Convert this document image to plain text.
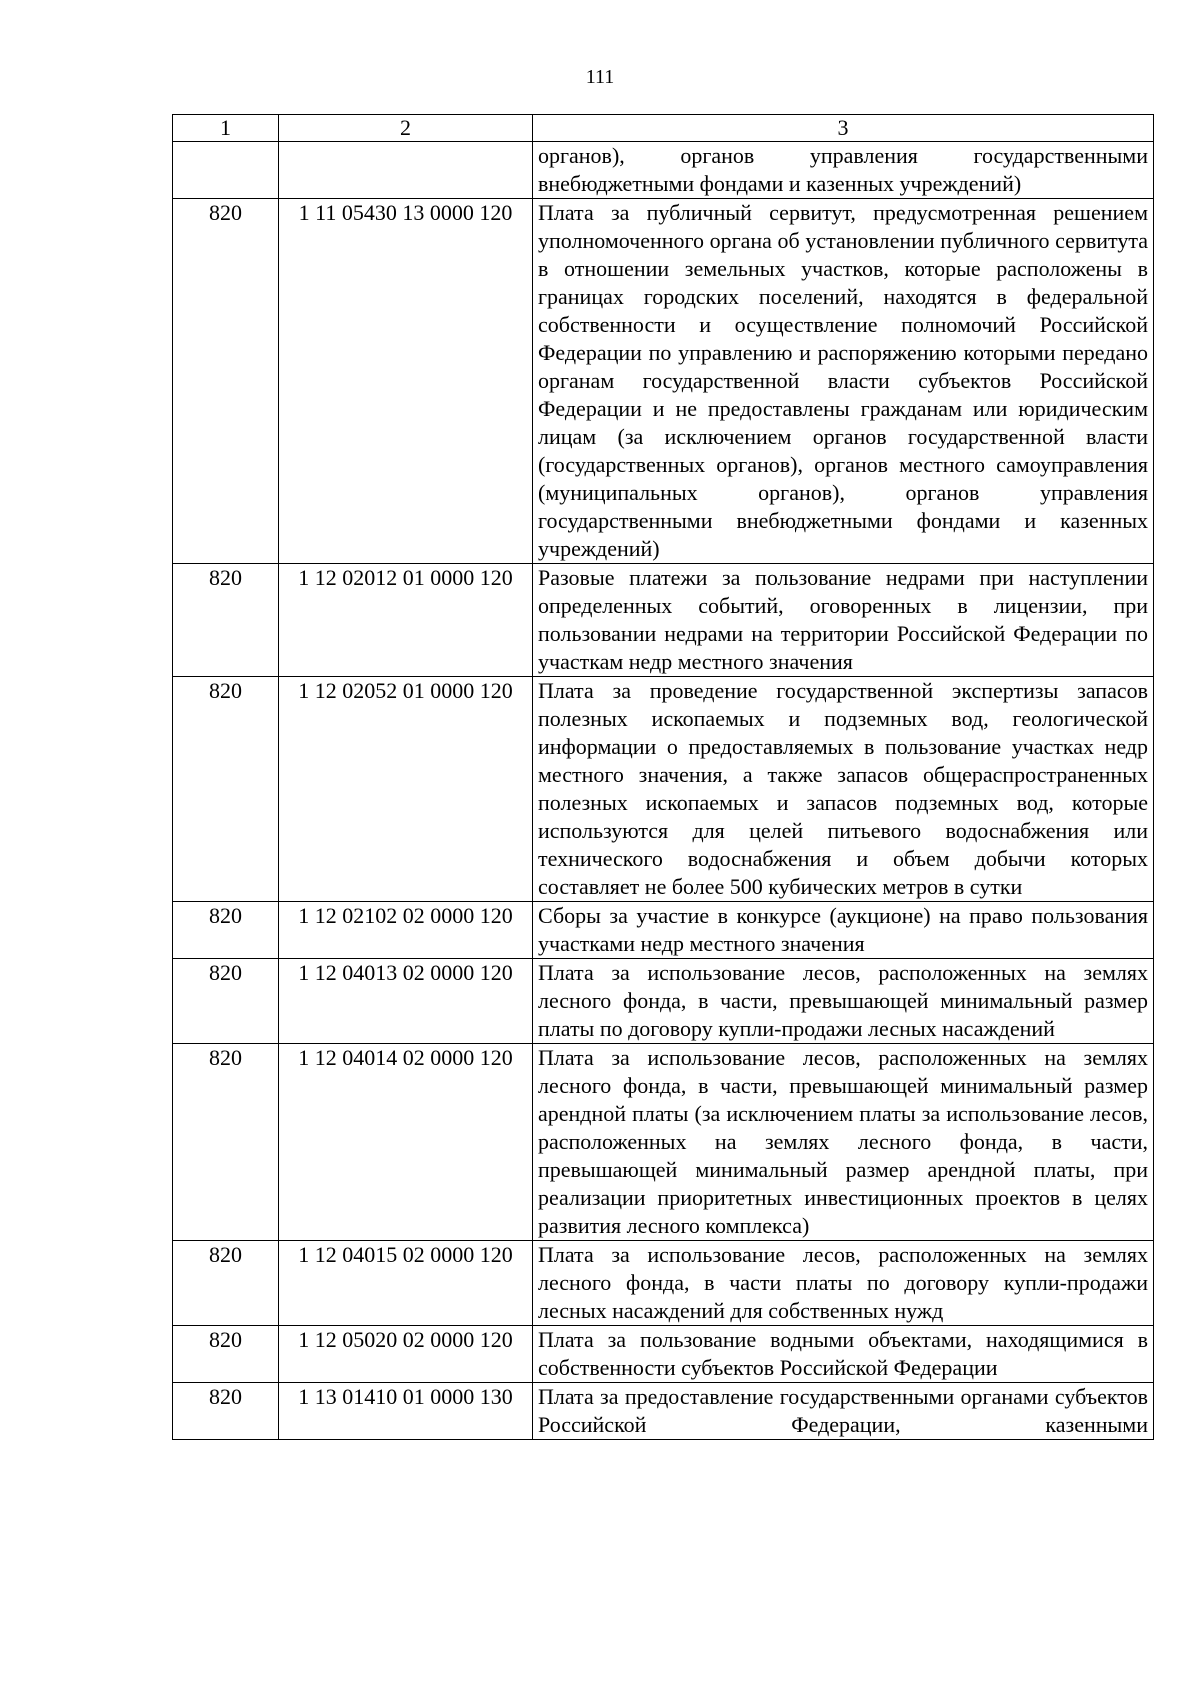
111
1	2	3
		органов), органов управления государственными внебюджетными фондами и казенных учреждений)
820	1 11 05430 13 0000 120	Плата за публичный сервитут, предусмотренная решением уполномоченного органа об установлении публичного сервитута в отношении земельных участков, которые расположены в границах городских поселений, находятся в федеральной собственности и осуществление полномочий Российской Федерации по управлению и распоряжению которыми передано органам государственной власти субъектов Российской Федерации и не предоставлены гражданам или юридическим лицам (за исключением органов государственной власти (государственных органов), органов местного самоуправления (муниципальных органов), органов управления государственными внебюджетными фондами и казенных учреждений)
820	1 12 02012 01 0000 120	Разовые платежи за пользование недрами при наступлении определенных событий, оговоренных в лицензии, при пользовании недрами на территории Российской Федерации по участкам недр местного значения
820	1 12 02052 01 0000 120	Плата за проведение государственной экспертизы запасов полезных ископаемых и подземных вод, геологической информации о предоставляемых в пользование участках недр местного значения, а также запасов общераспространенных полезных ископаемых и запасов подземных вод, которые используются для целей питьевого водоснабжения или технического водоснабжения и объем добычи которых составляет не более 500 кубических метров в сутки
820	1 12 02102 02 0000 120	Сборы за участие в конкурсе (аукционе) на право пользования участками недр местного значения
820	1 12 04013 02 0000 120	Плата за использование лесов, расположенных на землях лесного фонда, в части, превышающей минимальный размер платы по договору купли-продажи лесных насаждений
820	1 12 04014 02 0000 120	Плата за использование лесов, расположенных на землях лесного фонда, в части, превышающей минимальный размер арендной платы (за исключением платы за использование лесов, расположенных на землях лесного фонда, в части, превышающей минимальный размер арендной платы, при реализации приоритетных инвестиционных проектов в целях развития лесного комплекса)
820	1 12 04015 02 0000 120	Плата за использование лесов, расположенных на землях лесного фонда, в части платы по договору купли-продажи лесных насаждений для собственных нужд
820	1 12 05020 02 0000 120	Плата за пользование водными объектами, находящимися в собственности субъектов Российской Федерации
820	1 13 01410 01 0000 130	Плата за предоставление государственными органами субъектов Российской Федерации, казенными
